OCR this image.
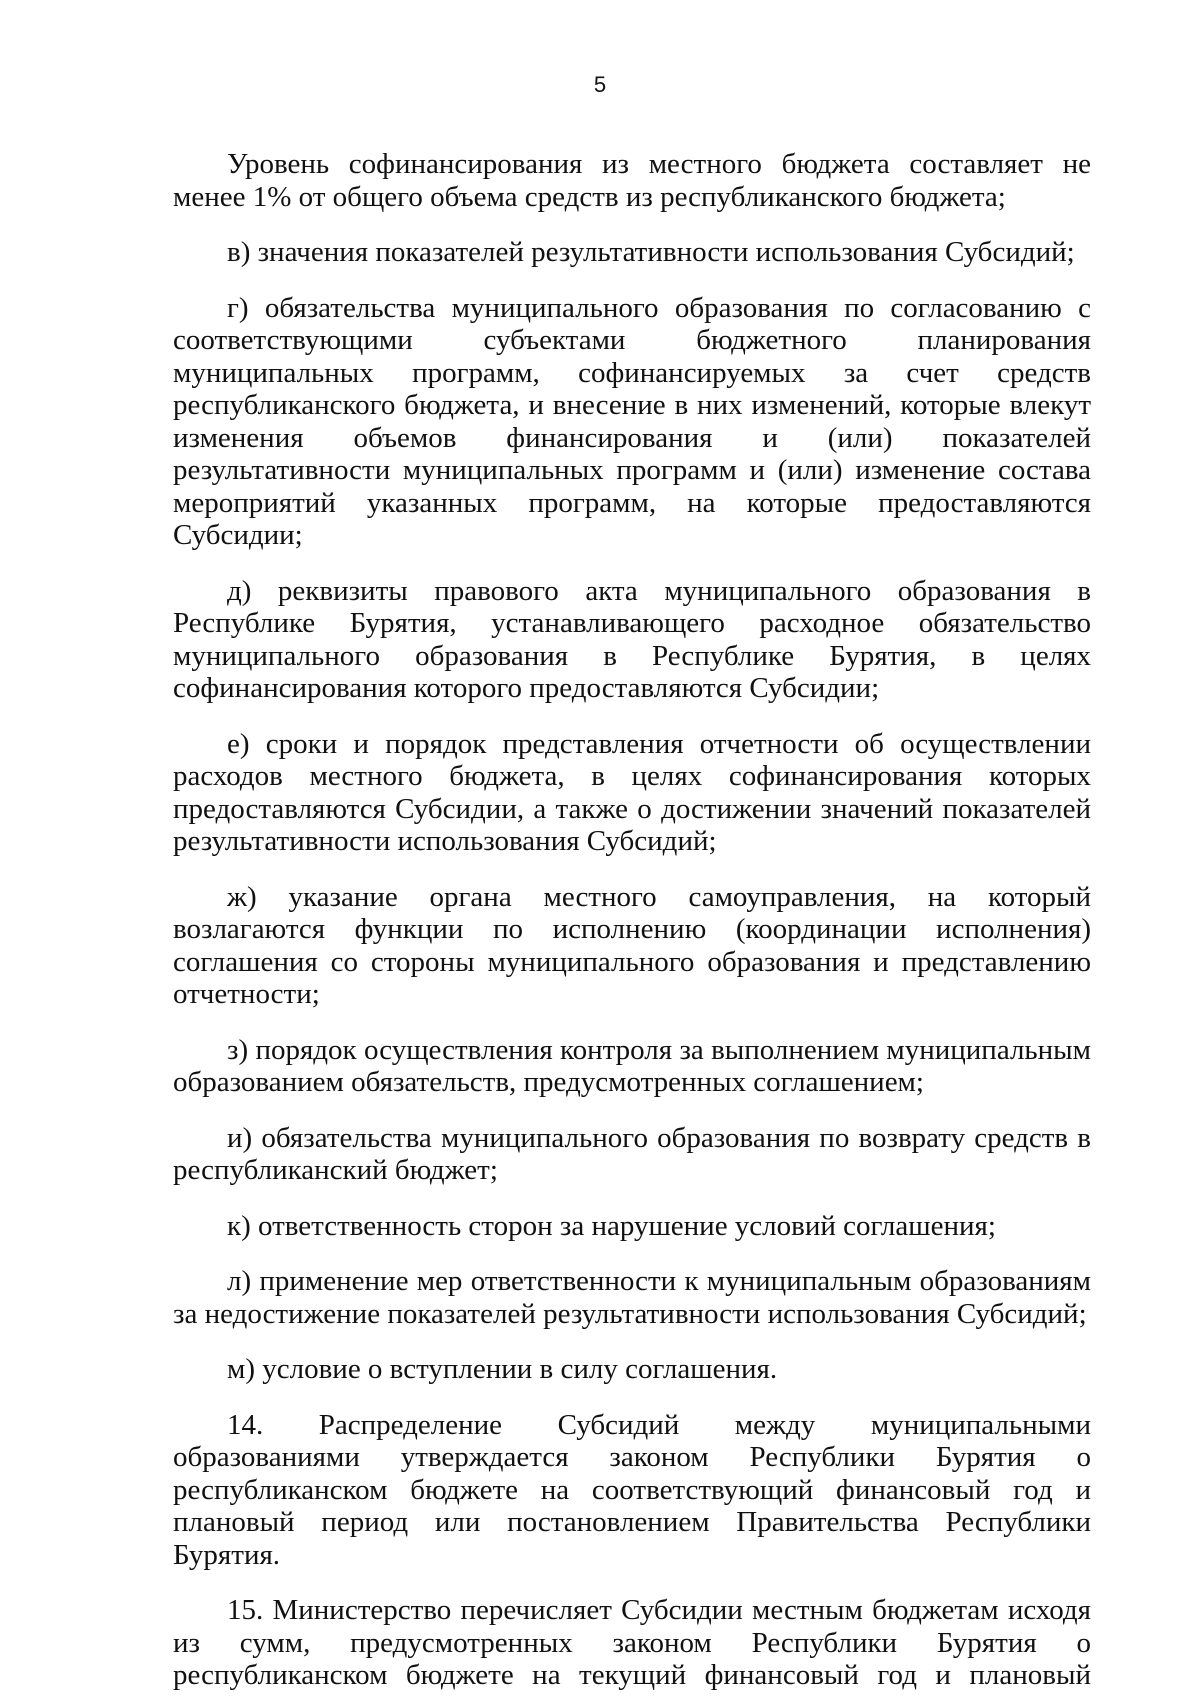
5

Уровень софинансирования из местного бюджета составляет не менее 1% от общего объема средств из республиканского бюджета;

в) значения показателей результативности использования Субсидий;

г) обязательства муниципального образования по согласованию с соответствующими субъектами бюджетного планирования муниципальных программ, софинансируемых за счет средств республиканского бюджета, и внесение в них изменений, которые влекут изменения объемов финансирования и (или) показателей результативности муниципальных программ и (или) изменение состава мероприятий указанных программ, на которые предоставляются Субсидии;

д) реквизиты правового акта муниципального образования в Республике Бурятия, устанавливающего расходное обязательство муниципального образования в Республике Бурятия, в целях софинансирования которого предоставляются Субсидии;

е) сроки и порядок представления отчетности об осуществлении расходов местного бюджета, в целях софинансирования которых предоставляются Субсидии, а также о достижении значений показателей результативности использования Субсидий;

ж) указание органа местного самоуправления, на который возлагаются функции по исполнению (координации исполнения) соглашения со стороны муниципального образования и представлению отчетности;

з) порядок осуществления контроля за выполнением муниципальным образованием обязательств, предусмотренных соглашением;

и) обязательства муниципального образования по возврату средств в республиканский бюджет;

к) ответственность сторон за нарушение условий соглашения;

л) применение мер ответственности к муниципальным образованиям за недостижение показателей результативности использования Субсидий;

м) условие о вступлении в силу соглашения.

14. Распределение Субсидий между муниципальными образованиями утверждается законом Республики Бурятия о республиканском бюджете на соответствующий финансовый год и плановый период или постановлением Правительства Республики Бурятия.

15. Министерство перечисляет Субсидии местным бюджетам исходя из сумм, предусмотренных законом Республики Бурятия о республиканском бюджете на текущий финансовый год и плановый
